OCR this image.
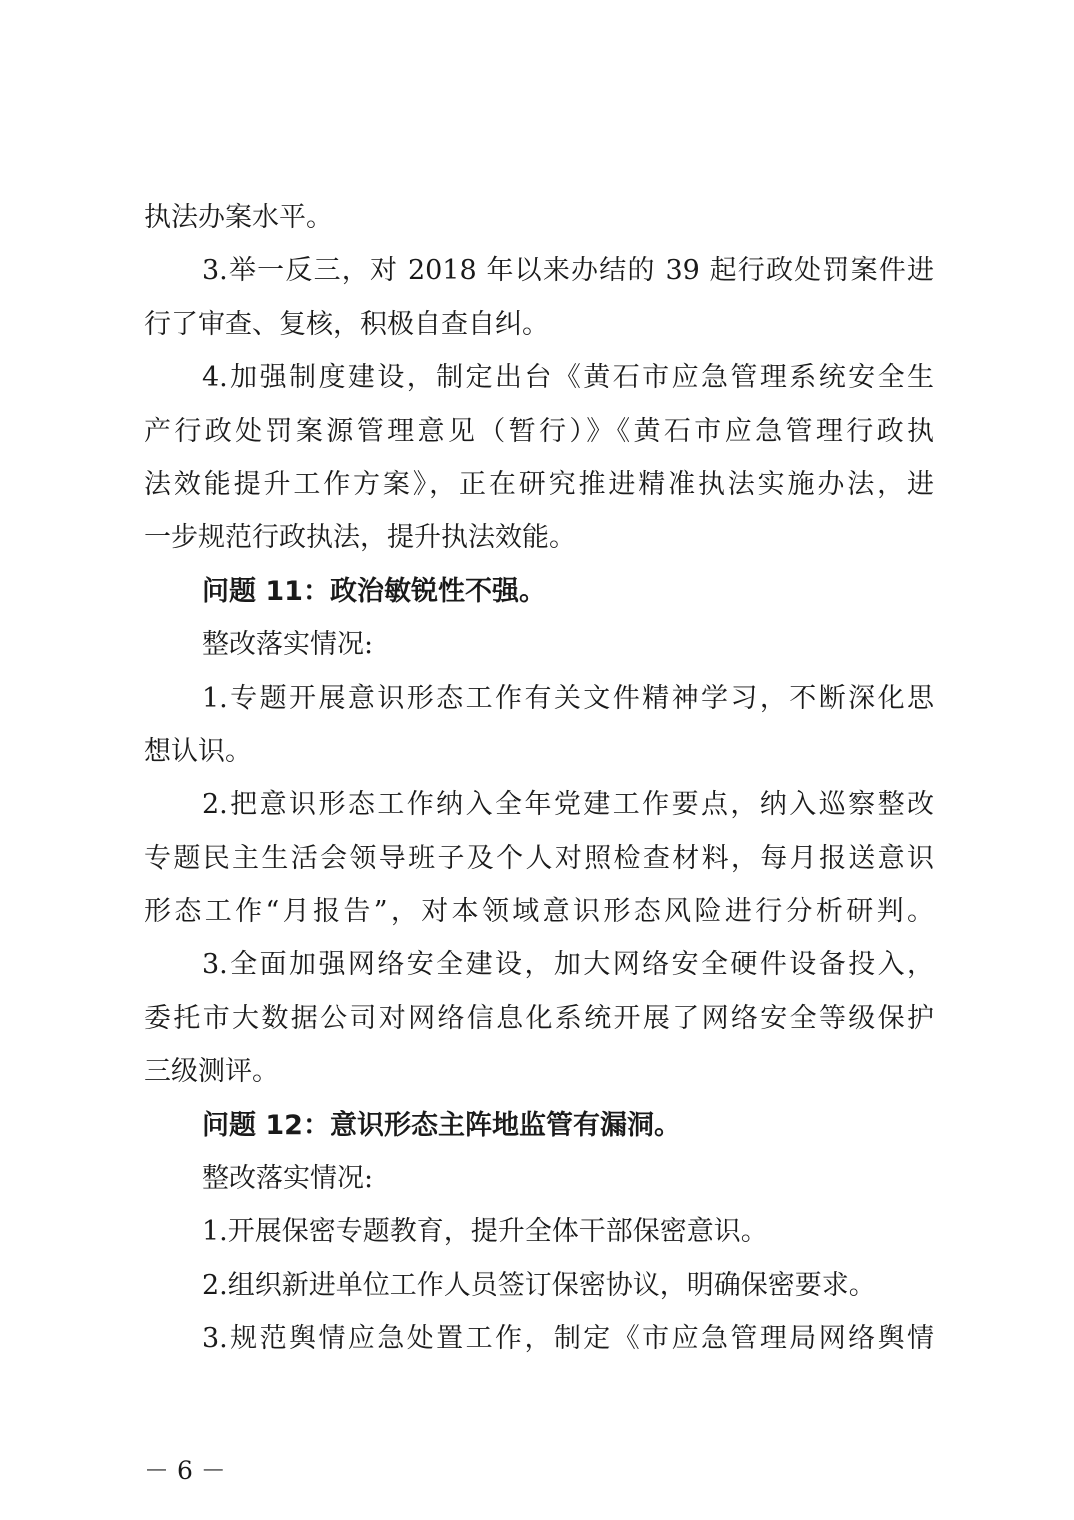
执法办案水平。
3.举一反三，对 2018 年以来办结的 39 起行政处罚案件进
行了审查、复核，积极自查自纠。
4.加强制度建设，制定出台《黄石市应急管理系统安全生
产行政处罚案源管理意见（暂行）》《黄石市应急管理行政执
法效能提升工作方案》，正在研究推进精准执法实施办法，进
一步规范行政执法，提升执法效能。
问题 11：政治敏锐性不强。
整改落实情况:
1.专题开展意识形态工作有关文件精神学习，不断深化思
想认识。
2.把意识形态工作纳入全年党建工作要点，纳入巡察整改
专题民主生活会领导班子及个人对照检查材料，每月报送意识
形态工作“月报告”，对本领域意识形态风险进行分析研判。
3.全面加强网络安全建设，加大网络安全硬件设备投入，
委托市大数据公司对网络信息化系统开展了网络安全等级保护
三级测评。
问题 12：意识形态主阵地监管有漏洞。
整改落实情况:
1.开展保密专题教育，提升全体干部保密意识。
2.组织新进单位工作人员签订保密协议，明确保密要求。
3.规范舆情应急处置工作，制定《市应急管理局网络舆情
－ 6 －
